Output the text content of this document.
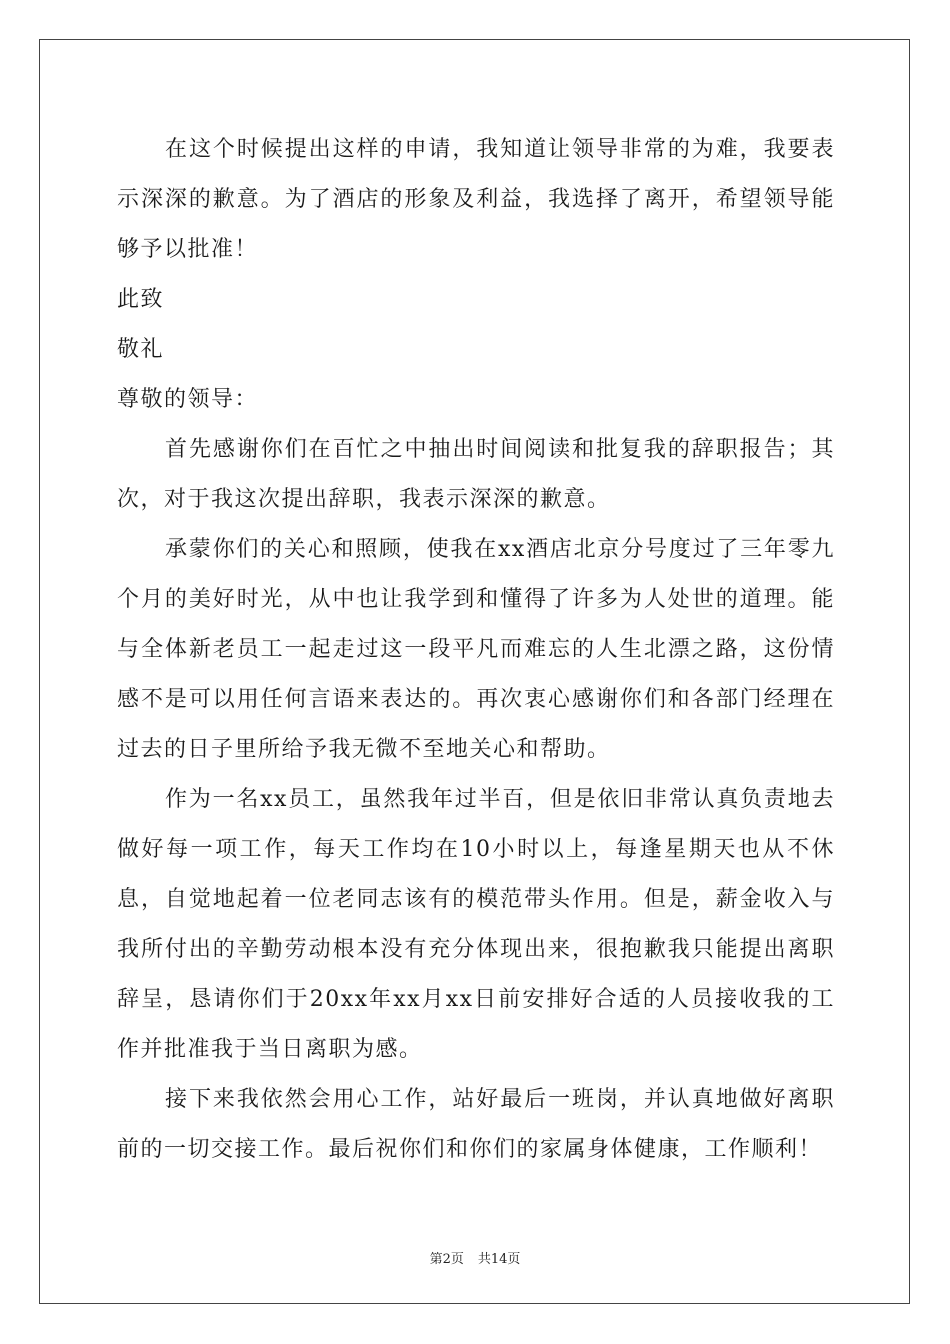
在这个时候提出这样的申请，我知道让领导非常的为难，我要表示深深的歉意。为了酒店的形象及利益，我选择了离开，希望领导能够予以批准！

此致

敬礼

尊敬的领导：

首先感谢你们在百忙之中抽出时间阅读和批复我的辞职报告；其次，对于我这次提出辞职，我表示深深的歉意。

承蒙你们的关心和照顾，使我在xx酒店北京分号度过了三年零九个月的美好时光，从中也让我学到和懂得了许多为人处世的道理。能与全体新老员工一起走过这一段平凡而难忘的人生北漂之路，这份情感不是可以用任何言语来表达的。再次衷心感谢你们和各部门经理在过去的日子里所给予我无微不至地关心和帮助。

作为一名xx员工，虽然我年过半百，但是依旧非常认真负责地去做好每一项工作，每天工作均在10小时以上，每逢星期天也从不休息，自觉地起着一位老同志该有的模范带头作用。但是，薪金收入与我所付出的辛勤劳动根本没有充分体现出来，很抱歉我只能提出离职辞呈，恳请你们于20xx年xx月xx日前安排好合适的人员接收我的工作并批准我于当日离职为感。

接下来我依然会用心工作，站好最后一班岗，并认真地做好离职前的一切交接工作。最后祝你们和你们的家属身体健康，工作顺利！

第2页 共14页
